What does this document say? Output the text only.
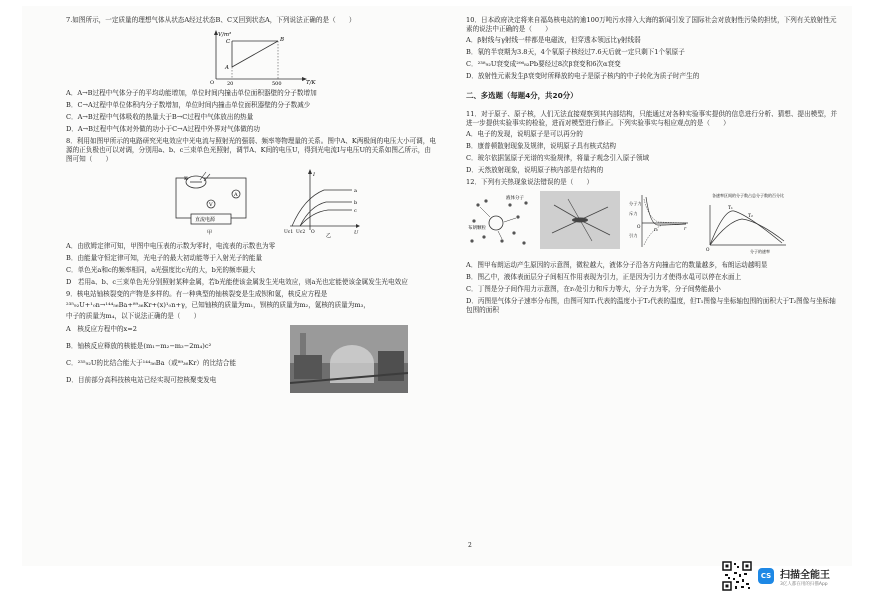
7.如图所示，一定质量的理想气体从状态A经过状态B、C又回到状态A，下列说法正确的是（　　）

V/m³
T/K
C	B
A
O	20	500

A．A→B过程中气体分子的平均动能增加，单位时间内撞击单位面积器壁的分子数增加

B．C→A过程中单位体积内分子数增加，单位时间内撞击单位面积器壁的分子数减少

C．A→B过程中气体吸收的热量大于B→C过程中气体放出的热量

D．A→B过程中气体对外做的功小于C→A过程中外界对气体做的功

8．利用如图甲所示的电路研究光电效应中光电流与照射光的强弱、频率等物理量的关系。图中A、K两极间的电压大小可调，电源的正负极也可以对调，分别用a、b、c三束单色光照射，调节A、K间的电压U，得到光电流I与电压U的关系如图乙所示，由图可知（　　）

A
V
K
直流电源
甲
I
U
a
b
c
Uc1 Uc2 O
乙

A．由欧姆定律可知，甲图中电压表的示数为零时，电流表的示数也为零

B．由能量守恒定律可知，光电子的最大初动能等于入射光子的能量

C．单色光a和c的频率相同，a光强度比c光的大，b光的频率最大

D　若用a、b、c三束单色光分别照射某种金属，若b光能使该金属发生光电效应，则a光也定能使该金属发生光电效应

9．核电站铀核裂变的产物是多样的。有一种典型的铀核裂变是生成钡和氪，核反应方程是

²³⁵₉₂U+¹₀n→¹⁴⁴₅₆Ba+⁸⁹₃₆Kr+(x)¹₀n+γ，已知铀核的质量为m₁，钡核的质量为m₂，氪核的质量为m₃，

中子的质量为m₄，以下说法正确的是（　　）

A　核反应方程中的x=2

B．铀核反应释放的核能是(m₁−m₂−m₃−2m₄)c²

C．²³⁵₉₂U的比结合能大于¹⁴⁴₅₆Ba（或⁸⁹₃₆Kr）的比结合能

D．目前部分高科技核电站已经实现可控核聚变发电

10．日本政府决定将来自福岛核电站的逾100万吨污水排入大海的新闻引发了国际社会对放射性污染的担忧，下列有关放射性元素的说法中正确的是（　　）

A．β射线与γ射线一样都是电磁波，但穿透本领远比γ射线弱

B．氡的半衰期为3.8天，4个氡原子核经过7.6天后就一定只剩下1个氡原子

C．²³⁸₉₂U衰变成²⁰⁶₈₂Pb要经过8次β衰变和6次α衰变

D．放射性元素发生β衰变时所释放的电子是原子核内的中子转化为质子时产生的

二、多选题（每题4分，共20分）

11．对于原子、原子核，人们无法直接观察到其内部结构，只能通过对各种实验事实提供的信息进行分析、猜想、提出模型，并进一步提供实验事实的检验，进而对模型进行修正。下列实验事实与相应观点的是（　　）

A．电子的发现，说明原子是可以再分的

B．康普顿散射现象及规律，说明原子具有核式结构

C．玻尔依据氢原子光谱的实验规律，将量子观念引入原子领域

D．天然放射现象，说明原子核内部是有结构的

12．下列有关热现象说法错误的是（　　）

布朗颗粒
液体分子
分子力
斥力
引力
r₀	r
O
各速率区间的分子数占总分子数的百分比
T₁
T₂
分子的速率
O

A．图甲布朗运动产生原因的示意图，微粒越大，液体分子沿各方向撞击它的数量越多，布朗运动越明显

B．图乙中，液体表面层分子间相互作用表现为引力，正是因为引力才使得水黾可以停在水面上

C．丁图是分子间作用力示意图，在r₀处引力和斥力等大，分子力为零，分子间势能最小

D．丙图是气体分子速率分布图，由图可知T₁代表的温度小于T₂代表的温度，但T₁图像与坐标轴包围的面积大于T₂图像与坐标轴包围的面积

2
CS 扫描全能王
3亿人都在用的扫描App
